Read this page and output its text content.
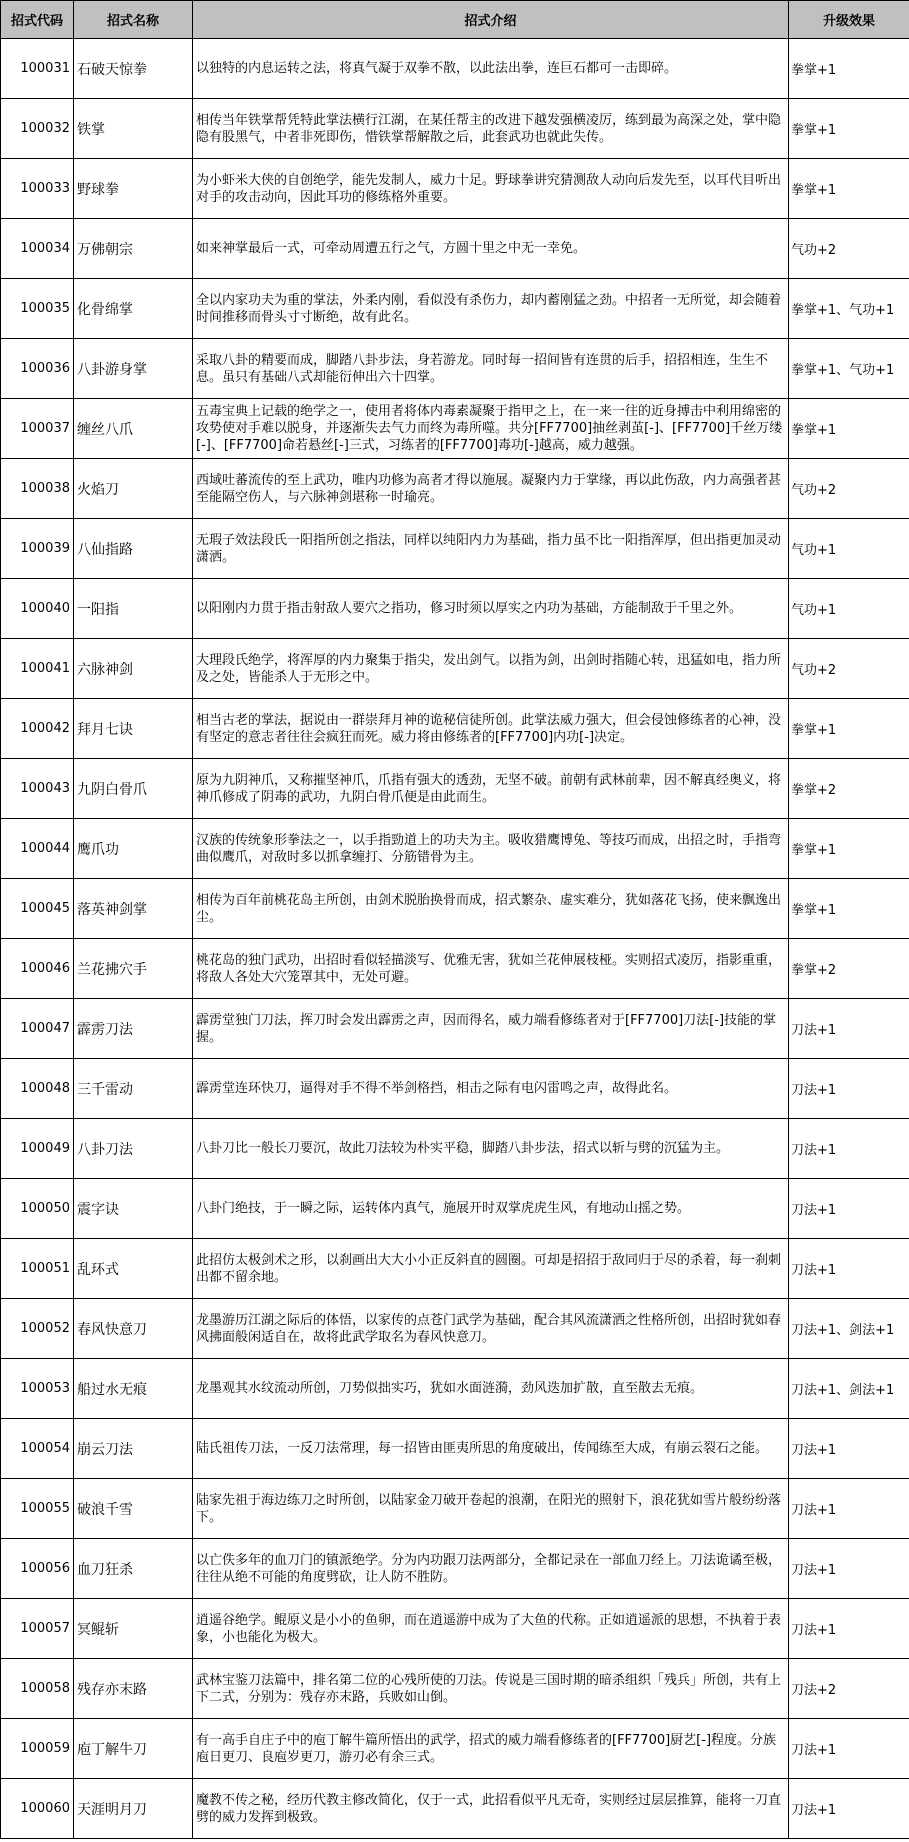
招式代码	招式名称	招式介绍	升级效果
100031	石破天惊拳	以独特的内息运转之法，将真气凝于双拳不散，以此法出拳，连巨石都可一击即碎。	拳掌+1
100032	铁掌	相传当年铁掌帮凭特此掌法横行江湖，在某任帮主的改进下越发强横凌厉，练到最为高深之处，掌中隐隐有股黑气，中者非死即伤，惜铁掌帮解散之后，此套武功也就此失传。	拳掌+1
100033	野球拳	为小虾米大侠的自创绝学，能先发制人，威力十足。野球拳讲究猜测敌人动向后发先至，以耳代目听出对手的攻击动向，因此耳功的修练格外重要。	拳掌+1
100034	万佛朝宗	如来神掌最后一式，可牵动周遭五行之气，方圆十里之中无一幸免。	气功+2
100035	化骨绵掌	全以内家功夫为重的掌法，外柔内刚，看似没有杀伤力，却内蓄刚猛之劲。中招者一无所觉，却会随着时间推移而骨头寸寸断绝，故有此名。	拳掌+1、气功+1
100036	八卦游身掌	采取八卦的精要而成，脚踏八卦步法，身若游龙。同时每一招间皆有连贯的后手，招招相连，生生不息。虽只有基础八式却能衍伸出六十四掌。	拳掌+1、气功+1
100037	缠丝八爪	五毒宝典上记载的绝学之一，使用者将体内毒素凝聚于指甲之上，在一来一往的近身搏击中利用绵密的攻势使对手难以脱身，并逐渐失去气力而终为毒所噬。共分[FF7700]抽丝剥茧[-]、[FF7700]千丝万缕[-]、[FF7700]命若悬丝[-]三式，习练者的[FF7700]毒功[-]越高，威力越强。	拳掌+1
100038	火焰刀	西域吐蕃流传的至上武功，唯内功修为高者才得以施展。凝聚内力于掌缘，再以此伤敌，内力高强者甚至能隔空伤人，与六脉神剑堪称一时瑜亮。	气功+2
100039	八仙指路	无瑕子效法段氏一阳指所创之指法，同样以纯阳内力为基础，指力虽不比一阳指浑厚，但出指更加灵动潇洒。	气功+1
100040	一阳指	以阳刚内力贯于指击射敌人要穴之指功，修习时须以厚实之内功为基础，方能制敌于千里之外。	气功+1
100041	六脉神剑	大理段氏绝学，将浑厚的内力聚集于指尖，发出剑气。以指为剑，出剑时指随心转，迅猛如电，指力所及之处，皆能杀人于无形之中。	气功+2
100042	拜月七诀	相当古老的掌法，据说由一群崇拜月神的诡秘信徒所创。此掌法威力强大，但会侵蚀修练者的心神，没有坚定的意志者往往会疯狂而死。威力将由修练者的[FF7700]内功[-]决定。	拳掌+1
100043	九阴白骨爪	原为九阴神爪，又称摧坚神爪，爪指有强大的透劲，无坚不破。前朝有武林前辈，因不解真经奥义，将神爪修成了阴毒的武功，九阴白骨爪便是由此而生。	拳掌+2
100044	鹰爪功	汉族的传统象形拳法之一，以手指勁道上的功夫为主。吸收猎鹰博兔、等技巧而成，出招之时，手指弯曲似鹰爪，对敌时多以抓拿缠打、分筋错骨为主。	拳掌+1
100045	落英神剑掌	相传为百年前桃花岛主所创，由剑术脱胎换骨而成，招式繁杂、虚实难分，犹如落花飞扬，使来飘逸出尘。	拳掌+1
100046	兰花拂穴手	桃花岛的独门武功，出招时看似轻描淡写、优雅无害，犹如兰花伸展枝桠。实则招式凌厉，指影重重，将敌人各处大穴笼罩其中，无处可避。	拳掌+2
100047	霹雳刀法	霹雳堂独门刀法，挥刀时会发出霹雳之声，因而得名，威力端看修练者对于[FF7700]刀法[-]技能的掌握。	刀法+1
100048	三千雷动	霹雳堂连环快刀，逼得对手不得不举剑格挡，相击之际有电闪雷鸣之声，故得此名。	刀法+1
100049	八卦刀法	八卦刀比一般长刀要沉，故此刀法较为朴实平稳，脚踏八卦步法，招式以斩与劈的沉猛为主。	刀法+1
100050	震字诀	八卦门绝技，于一瞬之际，运转体内真气，施展开时双掌虎虎生风，有地动山摇之势。	刀法+1
100051	乱环式	此招仿太极剑术之形，以刹画出大大小小正反斜直的圆圈。可却是招招于敌同归于尽的杀着，每一刹刺出都不留余地。	刀法+1
100052	春风快意刀	龙墨游历江湖之际后的体悟，以家传的点苍门武学为基础，配合其风流潇洒之性格所创，出招时犹如春风拂面般闲适自在，故将此武学取名为春风快意刀。	刀法+1、剑法+1
100053	船过水无痕	龙墨观其水纹流动所创，刀势似拙实巧，犹如水面涟漪，劲风迭加扩散，直至散去无痕。	刀法+1、剑法+1
100054	崩云刀法	陆氏祖传刀法，一反刀法常理，每一招皆由匪夷所思的角度破出，传闻练至大成，有崩云裂石之能。	刀法+1
100055	破浪千雪	陆家先祖于海边练刀之时所创，以陆家金刀破开卷起的浪潮，在阳光的照射下，浪花犹如雪片般纷纷落下。	刀法+1
100056	血刀狂杀	以亡佚多年的血刀门的镇派绝学。分为内功跟刀法两部分，全都记录在一部血刀经上。刀法诡谲至极，往往从绝不可能的角度劈砍，让人防不胜防。	刀法+1
100057	冥鲲斩	逍遥谷绝学。鲲原义是小小的鱼卵，而在逍遥游中成为了大鱼的代称。正如逍遥派的思想，不执着于表象，小也能化为极大。	刀法+1
100058	残存亦末路	武林宝鉴刀法篇中，排名第二位的心残所使的刀法。传说是三国时期的暗杀组织「残兵」所创，共有上下二式，分别为：残存亦末路，兵败如山倒。	刀法+2
100059	庖丁解牛刀	有一高手自庄子中的庖丁解牛篇所悟出的武学，招式的威力端看修练者的[FF7700]厨艺[-]程度。分族庖日更刀、良庖岁更刀，游刃必有余三式。	刀法+1
100060	天涯明月刀	魔教不传之秘，经历代教主修改简化，仅于一式，此招看似平凡无奇，实则经过层层推算，能将一刀直劈的威力发挥到极致。	刀法+1
